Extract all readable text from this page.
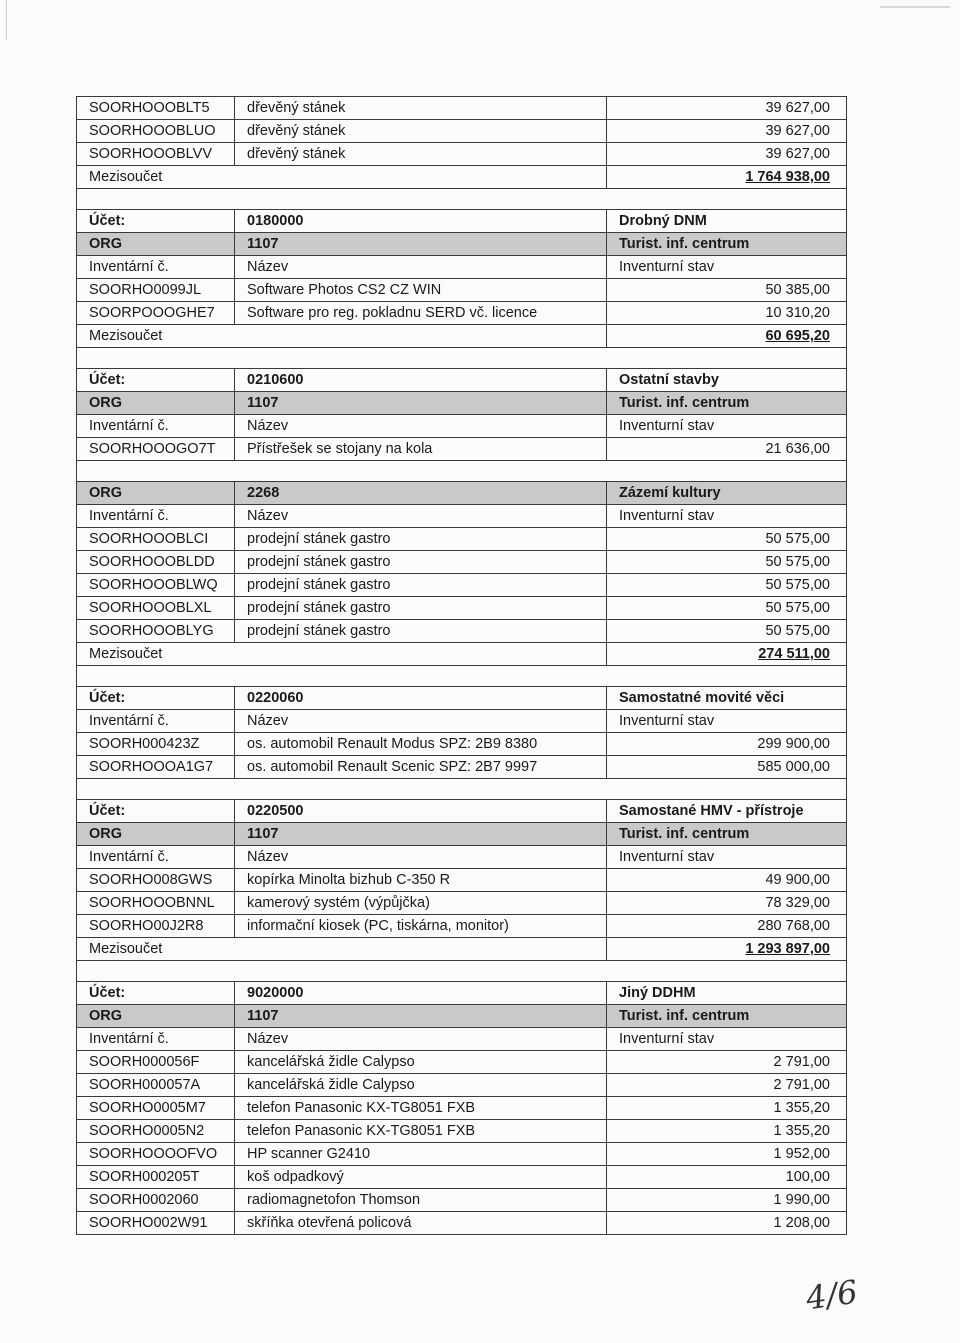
SOORHOOOBLT5	dřevěný stánek	39 627,00
SOORHOOOBLUO	dřevěný stánek	39 627,00
SOORHOOOBLVV	dřevěný stánek	39 627,00
Mezisoučet		1 764 938,00

Účet:	0180000	Drobný DNM
ORG	1107	Turist. inf. centrum
Inventární č.	Název	Inventurní stav
SOORHO0099JL	Software Photos CS2 CZ WIN	50 385,00
SOORPOOOGHE7	Software pro reg. pokladnu SERD vč. licence	10 310,20
Mezisoučet		60 695,20

Účet:	0210600	Ostatní stavby
ORG	1107	Turist. inf. centrum
Inventární č.	Název	Inventurní stav
SOORHOOOGO7T	Přístřešek se stojany na kola	21 636,00

ORG	2268	Zázemí kultury
Inventární č.	Název	Inventurní stav
SOORHOOOBLCI	prodejní stánek gastro	50 575,00
SOORHOOOBLDD	prodejní stánek gastro	50 575,00
SOORHOOOBLWQ	prodejní stánek gastro	50 575,00
SOORHOOOBLXL	prodejní stánek gastro	50 575,00
SOORHOOOBLYG	prodejní stánek gastro	50 575,00
Mezisoučet		274 511,00

Účet:	0220060	Samostatné movité věci
Inventární č.	Název	Inventurní stav
SOORH000423Z	os. automobil Renault Modus SPZ: 2B9 8380	299 900,00
SOORHOOOA1G7	os. automobil Renault Scenic SPZ: 2B7 9997	585 000,00

Účet:	0220500	Samostané HMV - přístroje
ORG	1107	Turist. inf. centrum
Inventární č.	Název	Inventurní stav
SOORHO008GWS	kopírka Minolta bizhub C-350 R	49 900,00
SOORHOOOBNNL	kamerový systém (výpůjčka)	78 329,00
SOORHO00J2R8	informační kiosek (PC, tiskárna, monitor)	280 768,00
Mezisoučet		1 293 897,00

Účet:	9020000	Jiný DDHM
ORG	1107	Turist. inf. centrum
Inventární č.	Název	Inventurní stav
SOORH000056F	kancelářská židle Calypso	2 791,00
SOORH000057A	kancelářská židle Calypso	2 791,00
SOORHO0005M7	telefon Panasonic KX-TG8051 FXB	1 355,20
SOORHO0005N2	telefon Panasonic KX-TG8051 FXB	1 355,20
SOORHOOOOFVO	HP scanner G2410	1 952,00
SOORH000205T	koš odpadkový	100,00
SOORH0002060	radiomagnetofon Thomson	1 990,00
SOORHO002W91	skříňka otevřená policová	1 208,00
4/6
